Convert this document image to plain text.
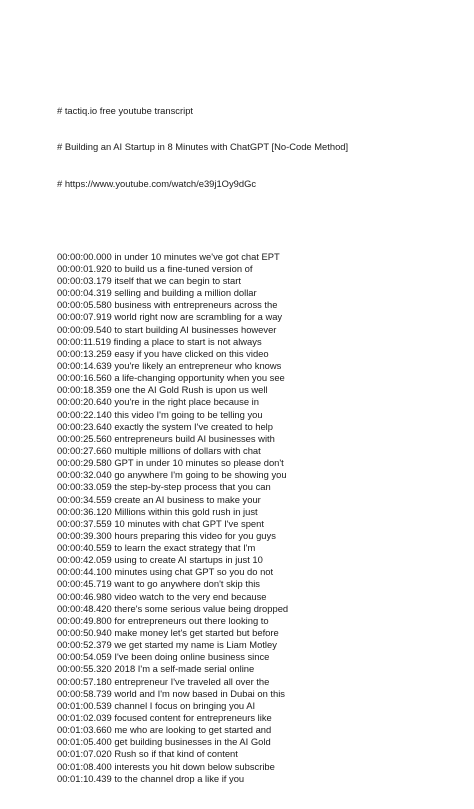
# tactiq.io free youtube transcript

# Building an AI Startup in 8 Minutes with ChatGPT [No-Code Method]

# https://www.youtube.com/watch/e39j1Oy9dGc

00:00:00.000 in under 10 minutes we've got chat EPT
00:00:01.920 to build us a fine-tuned version of
00:00:03.179 itself that we can begin to start
00:00:04.319 selling and building a million dollar
00:00:05.580 business with entrepreneurs across the
00:00:07.919 world right now are scrambling for a way
00:00:09.540 to start building AI businesses however
00:00:11.519 finding a place to start is not always
00:00:13.259 easy if you have clicked on this video
00:00:14.639 you're likely an entrepreneur who knows
00:00:16.560 a life-changing opportunity when you see
00:00:18.359 one the AI Gold Rush is upon us well
00:00:20.640 you're in the right place because in
00:00:22.140 this video I'm going to be telling you
00:00:23.640 exactly the system I've created to help
00:00:25.560 entrepreneurs build AI businesses with
00:00:27.660 multiple millions of dollars with chat
00:00:29.580 GPT in under 10 minutes so please don't
00:00:32.040 go anywhere I'm going to be showing you
00:00:33.059 the step-by-step process that you can
00:00:34.559 create an AI business to make your
00:00:36.120 Millions within this gold rush in just
00:00:37.559 10 minutes with chat GPT I've spent
00:00:39.300 hours preparing this video for you guys
00:00:40.559 to learn the exact strategy that I'm
00:00:42.059 using to create AI startups in just 10
00:00:44.100 minutes using chat GPT so you do not
00:00:45.719 want to go anywhere don't skip this
00:00:46.980 video watch to the very end because
00:00:48.420 there's some serious value being dropped
00:00:49.800 for entrepreneurs out there looking to
00:00:50.940 make money let's get started but before
00:00:52.379 we get started my name is Liam Motley
00:00:54.059 I've been doing online business since
00:00:55.320 2018 I'm a self-made serial online
00:00:57.180 entrepreneur I've traveled all over the
00:00:58.739 world and I'm now based in Dubai on this
00:01:00.539 channel I focus on bringing you AI
00:01:02.039 focused content for entrepreneurs like
00:01:03.660 me who are looking to get started and
00:01:05.400 get building businesses in the AI Gold
00:01:07.020 Rush so if that kind of content
00:01:08.400 interests you hit down below subscribe
00:01:10.439 to the channel drop a like if you
